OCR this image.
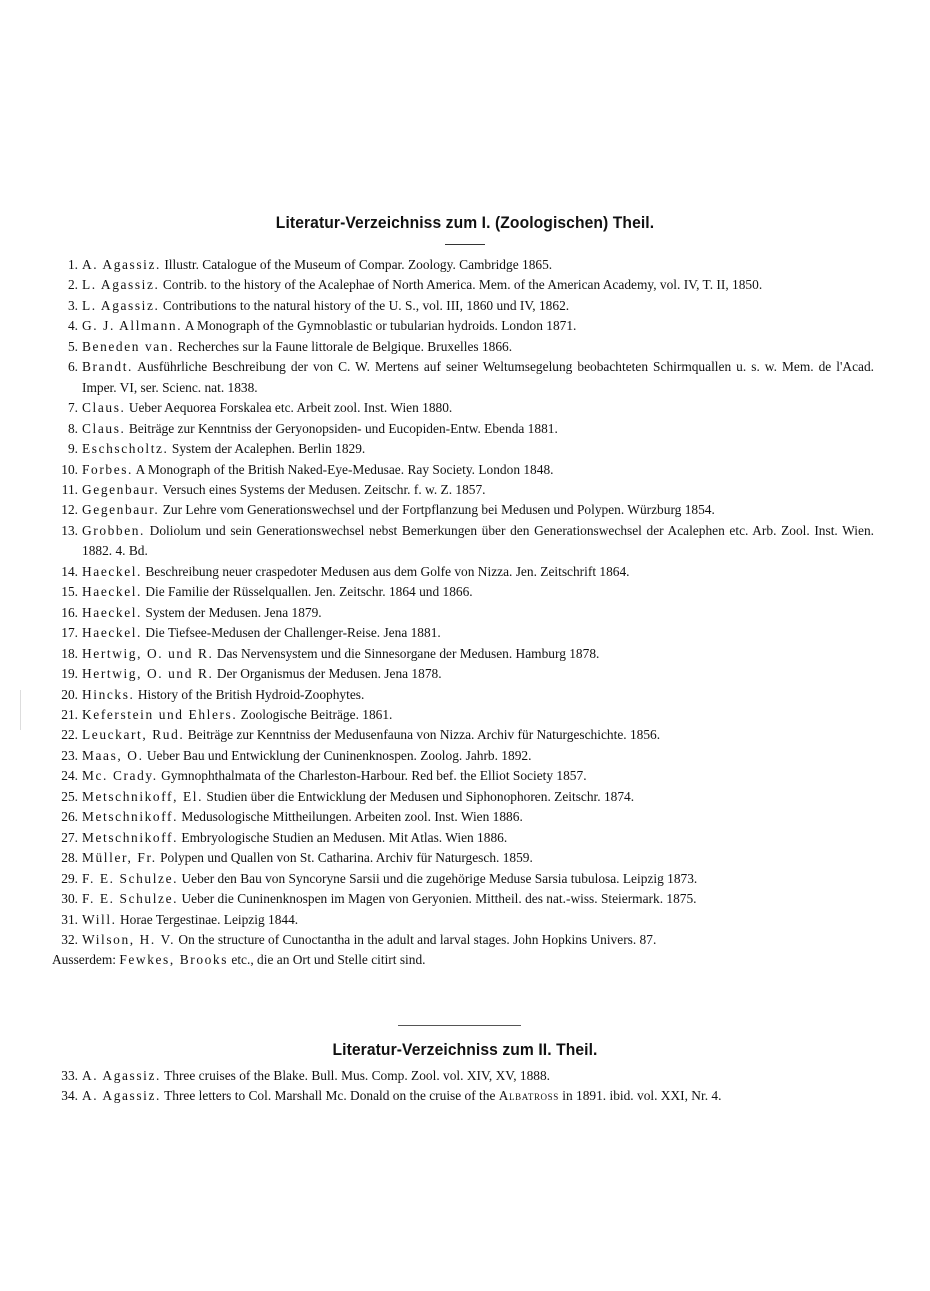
Literatur-Verzeichniss zum I. (Zoologischen) Theil.
1. A. Agassiz. Illustr. Catalogue of the Museum of Compar. Zoology. Cambridge 1865.
2. L. Agassiz. Contrib. to the history of the Acalephae of North America. Mem. of the American Academy, vol. IV, T. II, 1850.
3. L. Agassiz. Contributions to the natural history of the U. S., vol. III, 1860 und IV, 1862.
4. G. J. Allmann. A Monograph of the Gymnoblastic or tubularian hydroids. London 1871.
5. Beneden van. Recherches sur la Faune littorale de Belgique. Bruxelles 1866.
6. Brandt. Ausführliche Beschreibung der von C. W. Mertens auf seiner Weltumsegelung beobachteten Schirmquallen u. s. w. Mem. de l'Acad. Imper. VI, ser. Scienc. nat. 1838.
7. Claus. Ueber Aequorea Forskalea etc. Arbeit zool. Inst. Wien 1880.
8. Claus. Beiträge zur Kenntniss der Geryonopsiden- und Eucopiden-Entw. Ebenda 1881.
9. Eschscholtz. System der Acalephen. Berlin 1829.
10. Forbes. A Monograph of the British Naked-Eye-Medusae. Ray Society. London 1848.
11. Gegenbaur. Versuch eines Systems der Medusen. Zeitschr. f. w. Z. 1857.
12. Gegenbaur. Zur Lehre vom Generationswechsel und der Fortpflanzung bei Medusen und Polypen. Würzburg 1854.
13. Grobben. Doliolum und sein Generationswechsel nebst Bemerkungen über den Generationswechsel der Acalephen etc. Arb. Zool. Inst. Wien. 1882. 4. Bd.
14. Haeckel. Beschreibung neuer craspedoter Medusen aus dem Golfe von Nizza. Jen. Zeitschrift 1864.
15. Haeckel. Die Familie der Rüsselquallen. Jen. Zeitschr. 1864 und 1866.
16. Haeckel. System der Medusen. Jena 1879.
17. Haeckel. Die Tiefsee-Medusen der Challenger-Reise. Jena 1881.
18. Hertwig, O. und R. Das Nervensystem und die Sinnesorgane der Medusen. Hamburg 1878.
19. Hertwig, O. und R. Der Organismus der Medusen. Jena 1878.
20. Hincks. History of the British Hydroid-Zoophytes.
21. Keferstein und Ehlers. Zoologische Beiträge. 1861.
22. Leuckart, Rud. Beiträge zur Kenntniss der Medusenfauna von Nizza. Archiv für Naturgeschichte. 1856.
23. Maas, O. Ueber Bau und Entwicklung der Cuninenknospen. Zoolog. Jahrb. 1892.
24. Mc. Crady. Gymnophthalmata of the Charleston-Harbour. Red bef. the Elliot Society 1857.
25. Metschnikoff, El. Studien über die Entwicklung der Medusen und Siphonophoren. Zeitschr. 1874.
26. Metschnikoff. Medusologische Mittheilungen. Arbeiten zool. Inst. Wien 1886.
27. Metschnikoff. Embryologische Studien an Medusen. Mit Atlas. Wien 1886.
28. Müller, Fr. Polypen und Quallen von St. Catharina. Archiv für Naturgesch. 1859.
29. F. E. Schulze. Ueber den Bau von Syncoryne Sarsii und die zugehörige Meduse Sarsia tubulosa. Leipzig 1873.
30. F. E. Schulze. Ueber die Cuninenknospen im Magen von Geryonien. Mittheil. des nat.-wiss. Steiermark. 1875.
31. Will. Horae Tergestinae. Leipzig 1844.
32. Wilson, H. V. On the structure of Cunoctantha in the adult and larval stages. John Hopkins Univers. 87.
Ausserdem: Fewkes, Brooks etc., die an Ort und Stelle citirt sind.
Literatur-Verzeichniss zum II. Theil.
33. A. Agassiz. Three cruises of the Blake. Bull. Mus. Comp. Zool. vol. XIV, XV, 1888.
34. A. Agassiz. Three letters to Col. Marshall Mc. Donald on the cruise of the Albatross in 1891. ibid. vol. XXI, Nr. 4.
